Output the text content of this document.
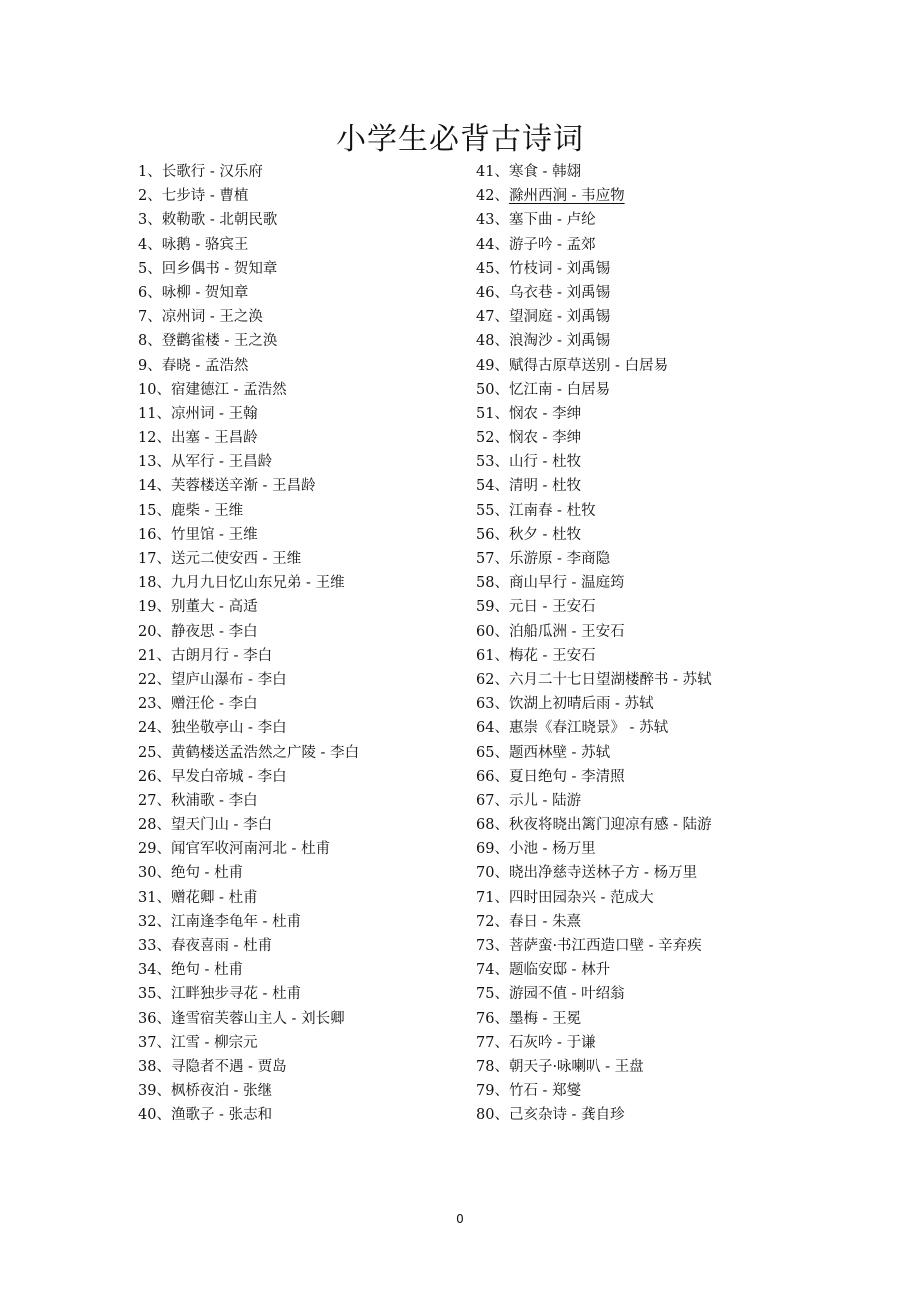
小学生必背古诗词
1、长歌行 - 汉乐府
2、七步诗 - 曹植
3、敕勒歌 - 北朝民歌
4、咏鹅 - 骆宾王
5、回乡偶书 - 贺知章
6、咏柳 - 贺知章
7、凉州词 - 王之涣
8、登鹳雀楼 - 王之涣
9、春晓 - 孟浩然
10、宿建德江 - 孟浩然
11、凉州词 - 王翰
12、出塞 - 王昌龄
13、从军行 - 王昌龄
14、芙蓉楼送辛渐 - 王昌龄
15、鹿柴 - 王维
16、竹里馆 - 王维
17、送元二使安西 - 王维
18、九月九日忆山东兄弟 - 王维
19、别董大 - 高适
20、静夜思 - 李白
21、古朗月行 - 李白
22、望庐山瀑布 - 李白
23、赠汪伦 - 李白
24、独坐敬亭山 - 李白
25、黄鹤楼送孟浩然之广陵 - 李白
26、早发白帝城 - 李白
27、秋浦歌 - 李白
28、望天门山 - 李白
29、闻官军收河南河北 - 杜甫
30、绝句 - 杜甫
31、赠花卿 - 杜甫
32、江南逢李龟年 - 杜甫
33、春夜喜雨 - 杜甫
34、绝句 - 杜甫
35、江畔独步寻花 - 杜甫
36、逢雪宿芙蓉山主人 - 刘长卿
37、江雪 - 柳宗元
38、寻隐者不遇 - 贾岛
39、枫桥夜泊 - 张继
40、渔歌子 - 张志和
41、寒食 - 韩翃
42、滁州西涧 - 韦应物
43、塞下曲 - 卢纶
44、游子吟 - 孟郊
45、竹枝词 - 刘禹锡
46、乌衣巷 - 刘禹锡
47、望洞庭 - 刘禹锡
48、浪淘沙 - 刘禹锡
49、赋得古原草送别 - 白居易
50、忆江南 - 白居易
51、悯农 - 李绅
52、悯农 - 李绅
53、山行 - 杜牧
54、清明 - 杜牧
55、江南春 - 杜牧
56、秋夕 - 杜牧
57、乐游原 - 李商隐
58、商山早行 - 温庭筠
59、元日 - 王安石
60、泊船瓜洲 - 王安石
61、梅花 - 王安石
62、六月二十七日望湖楼醉书 - 苏轼
63、饮湖上初晴后雨 - 苏轼
64、惠崇《春江晓景》 - 苏轼
65、题西林壁 - 苏轼
66、夏日绝句 - 李清照
67、示儿 - 陆游
68、秋夜将晓出篱门迎凉有感 - 陆游
69、小池 - 杨万里
70、晓出净慈寺送林子方 - 杨万里
71、四时田园杂兴 - 范成大
72、春日 - 朱熹
73、菩萨蛮·书江西造口壁 - 辛弃疾
74、题临安邸 - 林升
75、游园不值 - 叶绍翁
76、墨梅 - 王冕
77、石灰吟 - 于谦
78、朝天子·咏喇叭 - 王盘
79、竹石 - 郑燮
80、己亥杂诗 - 龚自珍
0
